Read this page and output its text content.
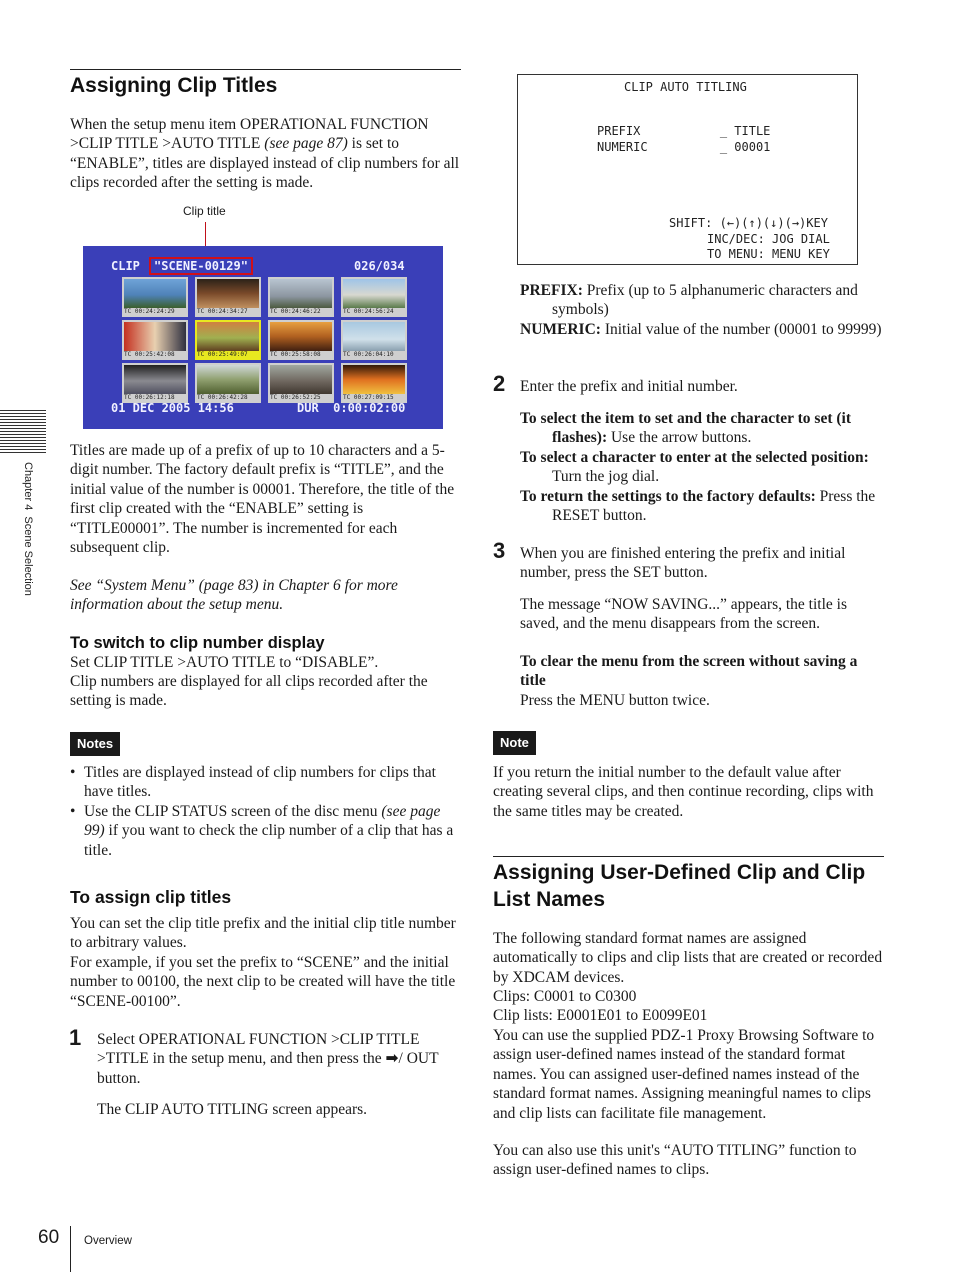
Assigning Clip Titles
When the setup menu item OPERATIONAL FUNCTION >CLIP TITLE >AUTO TITLE (see page 87) is set to “ENABLE”, titles are displayed instead of clip numbers for all clips recorded after the setting is made.
Clip title
CLIP	"SCENE-00129"	026/034
TC 00:24:24:29	TC 00:24:34:27	TC 00:24:46:22	TC 00:24:56:24
TC 00:25:42:08	TC 00:25:49:07	TC 00:25:58:08	TC 00:26:04:10
TC 00:26:12:18	TC 00:26:42:28	TC 00:26:52:25	TC 00:27:09:15
01 DEC 2005 14:56	DUR  0:00:02:00
Titles are made up of a prefix of up to 10 characters and a 5-digit number. The factory default prefix is “TITLE”, and the initial value of the number is 00001. Therefore, the title of the first clip created with the “ENABLE” setting is “TITLE00001”. The number is incremented for each subsequent clip.
See “System Menu” (page 83) in Chapter 6 for more information about the setup menu.
To switch to clip number display
Set CLIP TITLE >AUTO TITLE to “DISABLE”.
Clip numbers are displayed for all clips recorded after the setting is made.
Notes
• Titles are displayed instead of clip numbers for clips that have titles.
• Use the CLIP STATUS screen of the disc menu (see page 99) if you want to check the clip number of a clip that has a title.
To assign clip titles
You can set the clip title prefix and the initial clip title number to arbitrary values.
For example, if you set the prefix to “SCENE” and the initial number to 00100, the next clip to be created will have the title “SCENE-00100”.
1 Select OPERATIONAL FUNCTION >CLIP TITLE >TITLE in the setup menu, and then press the ➡/ OUT button.
The CLIP AUTO TITLING screen appears.
CLIP AUTO TITLING
PREFIX           _ TITLE
NUMERIC          _ 00001
SHIFT: (←)(↑)(↓)(→)KEY
INC/DEC: JOG DIAL
TO MENU: MENU KEY

PREFIX: Prefix (up to 5 alphanumeric characters and symbols)

NUMERIC: Initial value of the number (00001 to 99999)

2 Enter the prefix and initial number.

To select the item to set and the character to set (it flashes): Use the arrow buttons.

To select a character to enter at the selected position: Turn the jog dial.

To return the settings to the factory defaults: Press the RESET button.

3 When you are finished entering the prefix and initial number, press the SET button.
The message “NOW SAVING...” appears, the title is saved, and the menu disappears from the screen.
To clear the menu from the screen without saving a title
Press the MENU button twice.
Note
If you return the initial number to the default value after creating several clips, and then continue recording, clips with the same titles may be created.
Assigning User-Defined Clip and Clip List Names
The following standard format names are assigned automatically to clips and clip lists that are created or recorded by XDCAM devices.
Clips: C0001 to C0300
Clip lists: E0001E01 to E0099E01
You can use the supplied PDZ-1 Proxy Browsing Software to assign user-defined names instead of the standard format names. You can assigned user-defined names instead of the standard format names. Assigning meaningful names to clips and clip lists can facilitate file management.
You can also use this unit's “AUTO TITLING” function to assign user-defined names to clips.
Chapter 4  Scene Selection
60 Overview
